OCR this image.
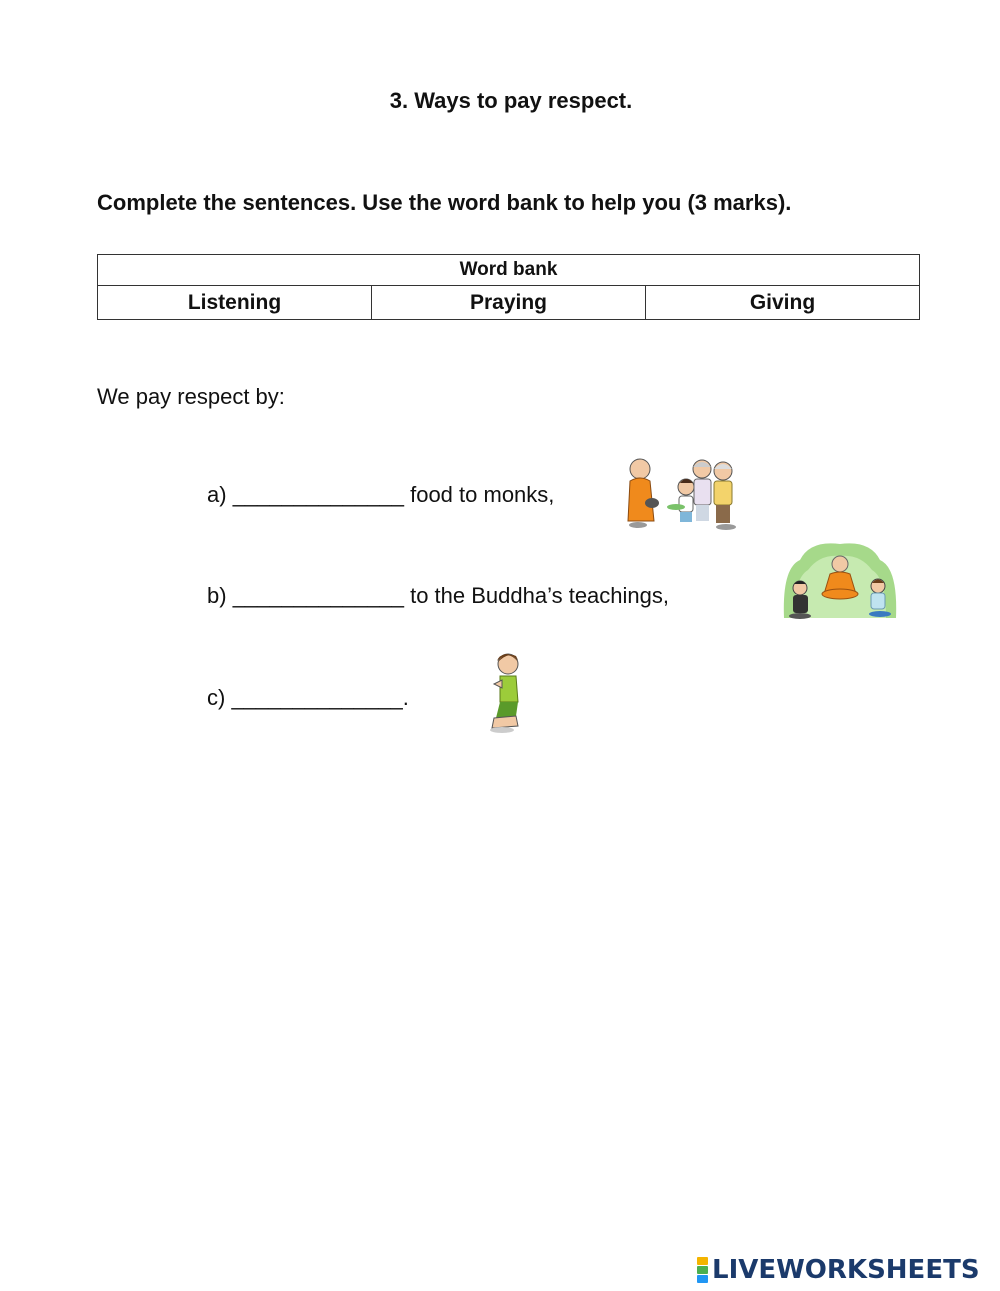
3. Ways to pay respect.

Complete the sentences. Use the word bank to help you (3 marks).

Word bank
Listening	Praying	Giving

We pay respect by:

a) ______________ food to monks,
b) ______________ to the Buddha’s teachings,
c) ______________.
LIVEWORKSHEETS
